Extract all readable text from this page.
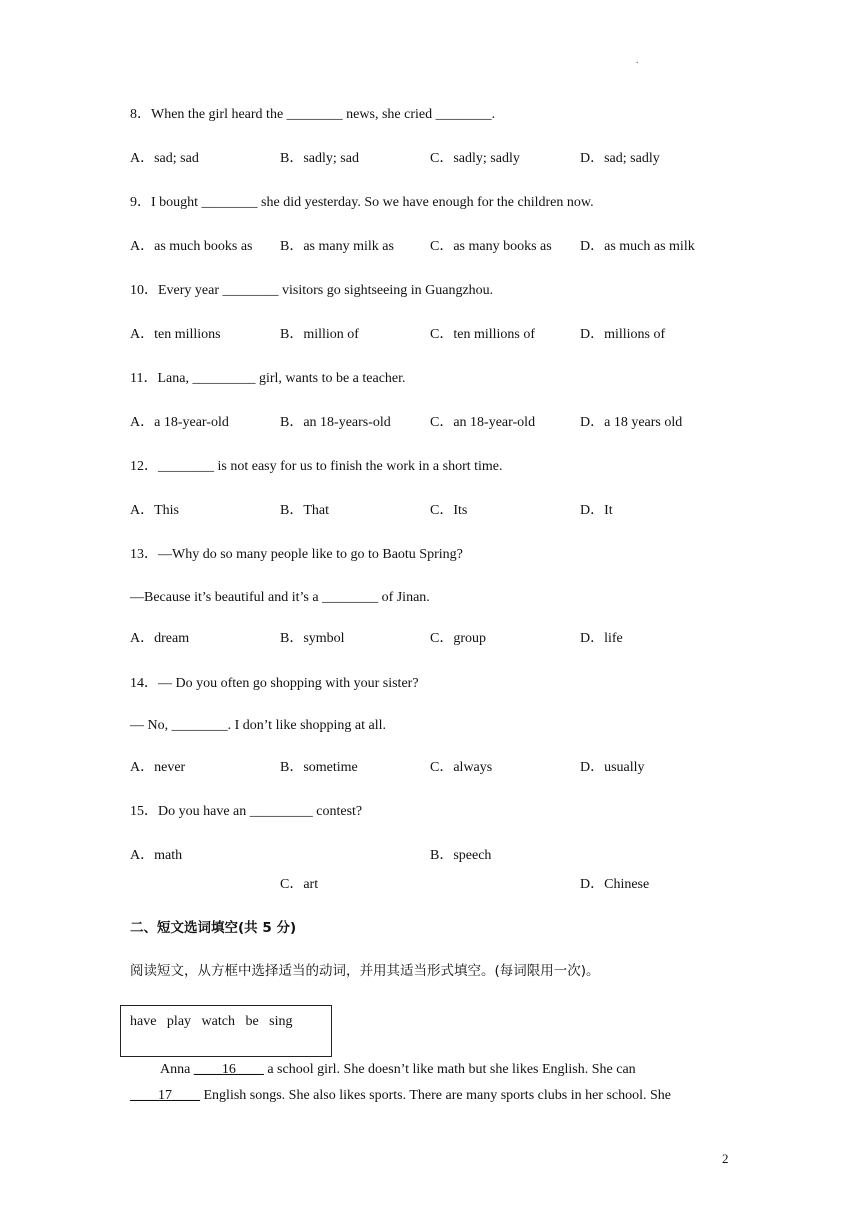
.
8．When the girl heard the ________ news, she cried ________.
A．sad; sad	B．sadly; sad	C．sadly; sadly	D．sad; sadly
9．I bought ________ she did yesterday. So we have enough for the children now.
A．as much books as B．as many milk as	C．as many books as D．as much as milk
10．Every year ________ visitors go sightseeing in Guangzhou.
A．ten millions	B．million of	C．ten millions of	D．millions of
11．Lana, _________ girl, wants to be a teacher.
A．a 18-year-old	B．an 18-years-old	C．an 18-year-old	D．a 18 years old
12．________ is not easy for us to finish the work in a short time.
A．This	B．That	C．Its	D．It
13．—Why do so many people like to go to Baotu Spring?
—Because it’s beautiful and it’s a ________ of Jinan.
A．dream	B．symbol	C．group	D．life
14．— Do you often go shopping with your sister?
— No, ________. I don’t like shopping at all.
A．never	B．sometime	C．always	D．usually
15．Do you have an _________ contest?
A．math	B．speech
C．art	D．Chinese
二、短文选词填空(共 5 分)
阅读短文，从方框中选择适当的动词，并用其适当形式填空。(每词限用一次)。
have   play   watch   be   sing
Anna ____16____ a school girl. She doesn’t like math but she likes English. She can
____17____ English songs. She also likes sports. There are many sports clubs in her school. She
2
